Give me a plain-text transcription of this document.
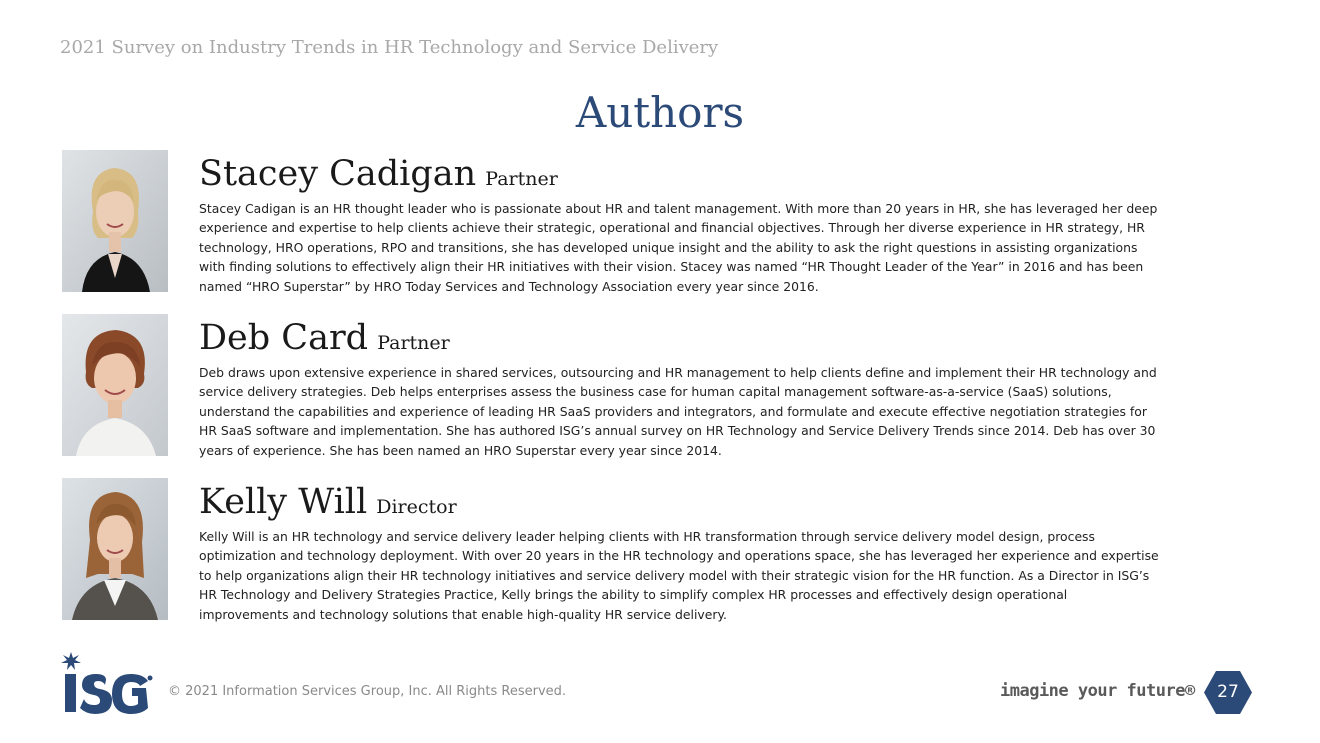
2021 Survey on Industry Trends in HR Technology and Service Delivery
Authors
Stacey Cadigan Partner
Stacey Cadigan is an HR thought leader who is passionate about HR and talent management. With more than 20 years in HR, she has leveraged her deep experience and expertise to help clients achieve their strategic, operational and financial objectives. Through her diverse experience in HR strategy, HR technology, HRO operations, RPO and transitions, she has developed unique insight and the ability to ask the right questions in assisting organizations with finding solutions to effectively align their HR initiatives with their vision. Stacey was named “HR Thought Leader of the Year” in 2016 and has been named “HRO Superstar” by HRO Today Services and Technology Association every year since 2016.
Deb Card Partner
Deb draws upon extensive experience in shared services, outsourcing and HR management to help clients define and implement their HR technology and service delivery strategies. Deb helps enterprises assess the business case for human capital management software-as-a-service (SaaS) solutions, understand the capabilities and experience of leading HR SaaS providers and integrators, and formulate and execute effective negotiation strategies for HR SaaS software and implementation. She has authored ISG’s annual survey on HR Technology and Service Delivery Trends since 2014. Deb has over 30 years of experience. She has been named an HRO Superstar every year since 2014.
Kelly Will Director
Kelly Will is an HR technology and service delivery leader helping clients with HR transformation through service delivery model design, process optimization and technology deployment. With over 20 years in the HR technology and operations space, she has leveraged her experience and expertise to help organizations align their HR technology initiatives and service delivery model with their strategic vision for the HR function. As a Director in ISG’s HR Technology and Delivery Strategies Practice, Kelly brings the ability to simplify complex HR processes and effectively design operational improvements and technology solutions that enable high-quality HR service delivery.
© 2021 Information Services Group, Inc. All Rights Reserved.	imagine your future®	27
